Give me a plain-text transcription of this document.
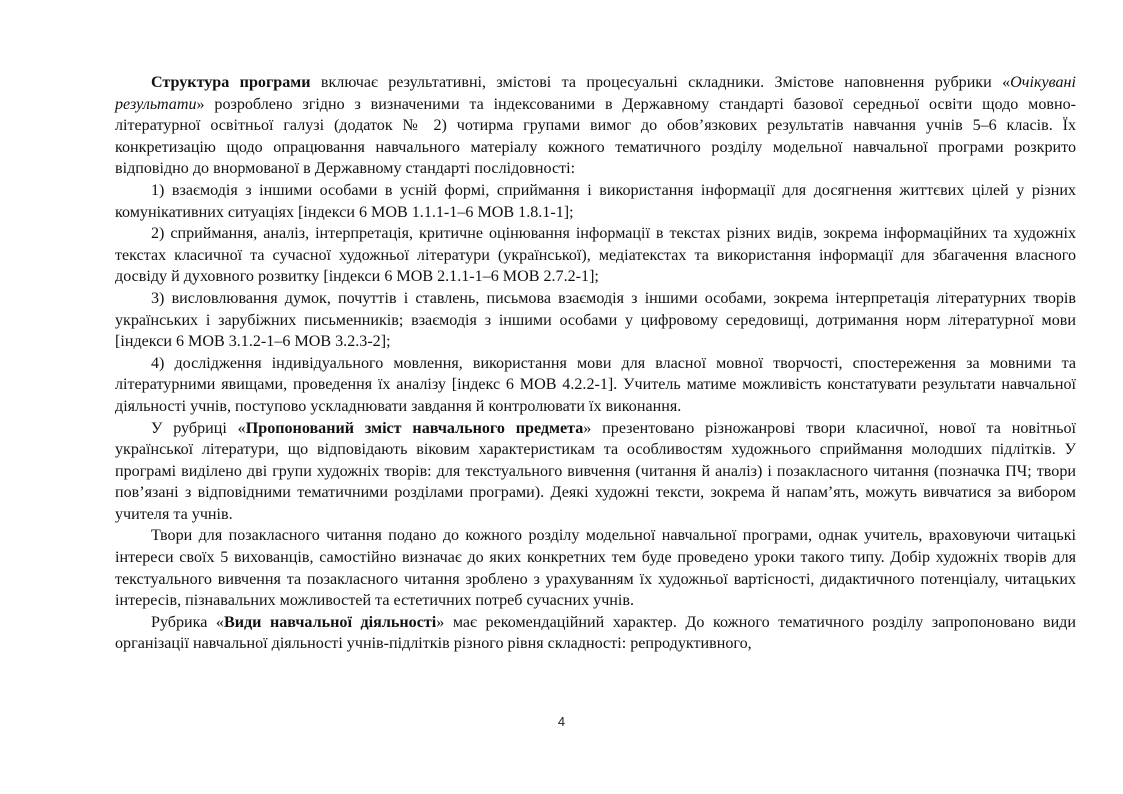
Структура програми включає результативні, змістові та процесуальні складники. Змістове наповнення рубрики «Очікувані результати» розроблено згідно з визначеними та індексованими в Державному стандарті базової середньої освіти щодо мовно-літературної освітньої галузі (додаток № 2) чотирма групами вимог до обов’язкових результатів навчання учнів 5–6 класів. Їх конкретизацію щодо опрацювання навчального матеріалу кожного тематичного розділу модельної навчальної програми розкрито відповідно до внормованої в Державному стандарті послідовності:

1) взаємодія з іншими особами в усній формі, сприймання і використання інформації для досягнення життєвих цілей у різних комунікативних ситуаціях [індекси 6 МОВ 1.1.1-1–6 МОВ 1.8.1-1];

2) сприймання, аналіз, інтерпретація, критичне оцінювання інформації в текстах різних видів, зокрема інформаційних та художніх текстах класичної та сучасної художньої літератури (української), медіатекстах та використання інформації для збагачення власного досвіду й духовного розвитку [індекси 6 МОВ 2.1.1-1–6 МОВ 2.7.2-1];

3) висловлювання думок, почуттів і ставлень, письмова взаємодія з іншими особами, зокрема інтерпретація літературних творів українських і зарубіжних письменників; взаємодія з іншими особами у цифровому середовищі, дотримання норм літературної мови [індекси 6 МОВ 3.1.2-1–6 МОВ 3.2.3-2];

4) дослідження індивідуального мовлення, використання мови для власної мовної творчості, спостереження за мовними та літературними явищами, проведення їх аналізу [індекс 6 МОВ 4.2.2-1]. Учитель матиме можливість констатувати результати навчальної діяльності учнів, поступово ускладнювати завдання й контролювати їх виконання.

У рубриці «Пропонований зміст навчального предмета» презентовано різножанрові твори класичної, нової та новітньої української літератури, що відповідають віковим характеристикам та особливостям художнього сприймання молодших підлітків. У програмі виділено дві групи художніх творів: для текстуального вивчення (читання й аналіз) і позакласного читання (позначка ПЧ; твори пов’язані з відповідними тематичними розділами програми). Деякі художні тексти, зокрема й напам’ять, можуть вивчатися за вибором учителя та учнів.

Твори для позакласного читання подано до кожного розділу модельної навчальної програми, однак учитель, враховуючи читацькі інтереси своїх 5 вихованців, самостійно визначає до яких конкретних тем буде проведено уроки такого типу. Добір художніх творів для текстуального вивчення та позакласного читання зроблено з урахуванням їх художньої вартісності, дидактичного потенціалу, читацьких інтересів, пізнавальних можливостей та естетичних потреб сучасних учнів.

Рубрика «Види навчальної діяльності» має рекомендаційний характер. До кожного тематичного розділу запропоновано види організації навчальної діяльності учнів-підлітків різного рівня складності: репродуктивного,

4
